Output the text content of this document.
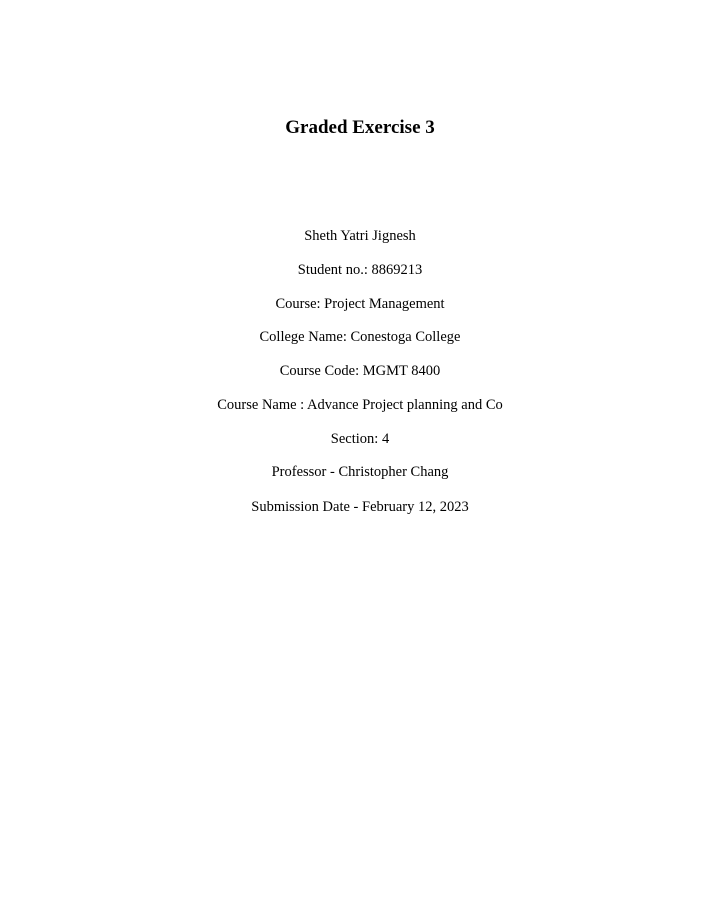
Graded Exercise 3
Sheth Yatri Jignesh
Student no.: 8869213
Course: Project Management
College Name: Conestoga College
Course Code: MGMT 8400
Course Name : Advance Project planning and Co
Section: 4
Professor - Christopher Chang
Submission Date - February 12, 2023
